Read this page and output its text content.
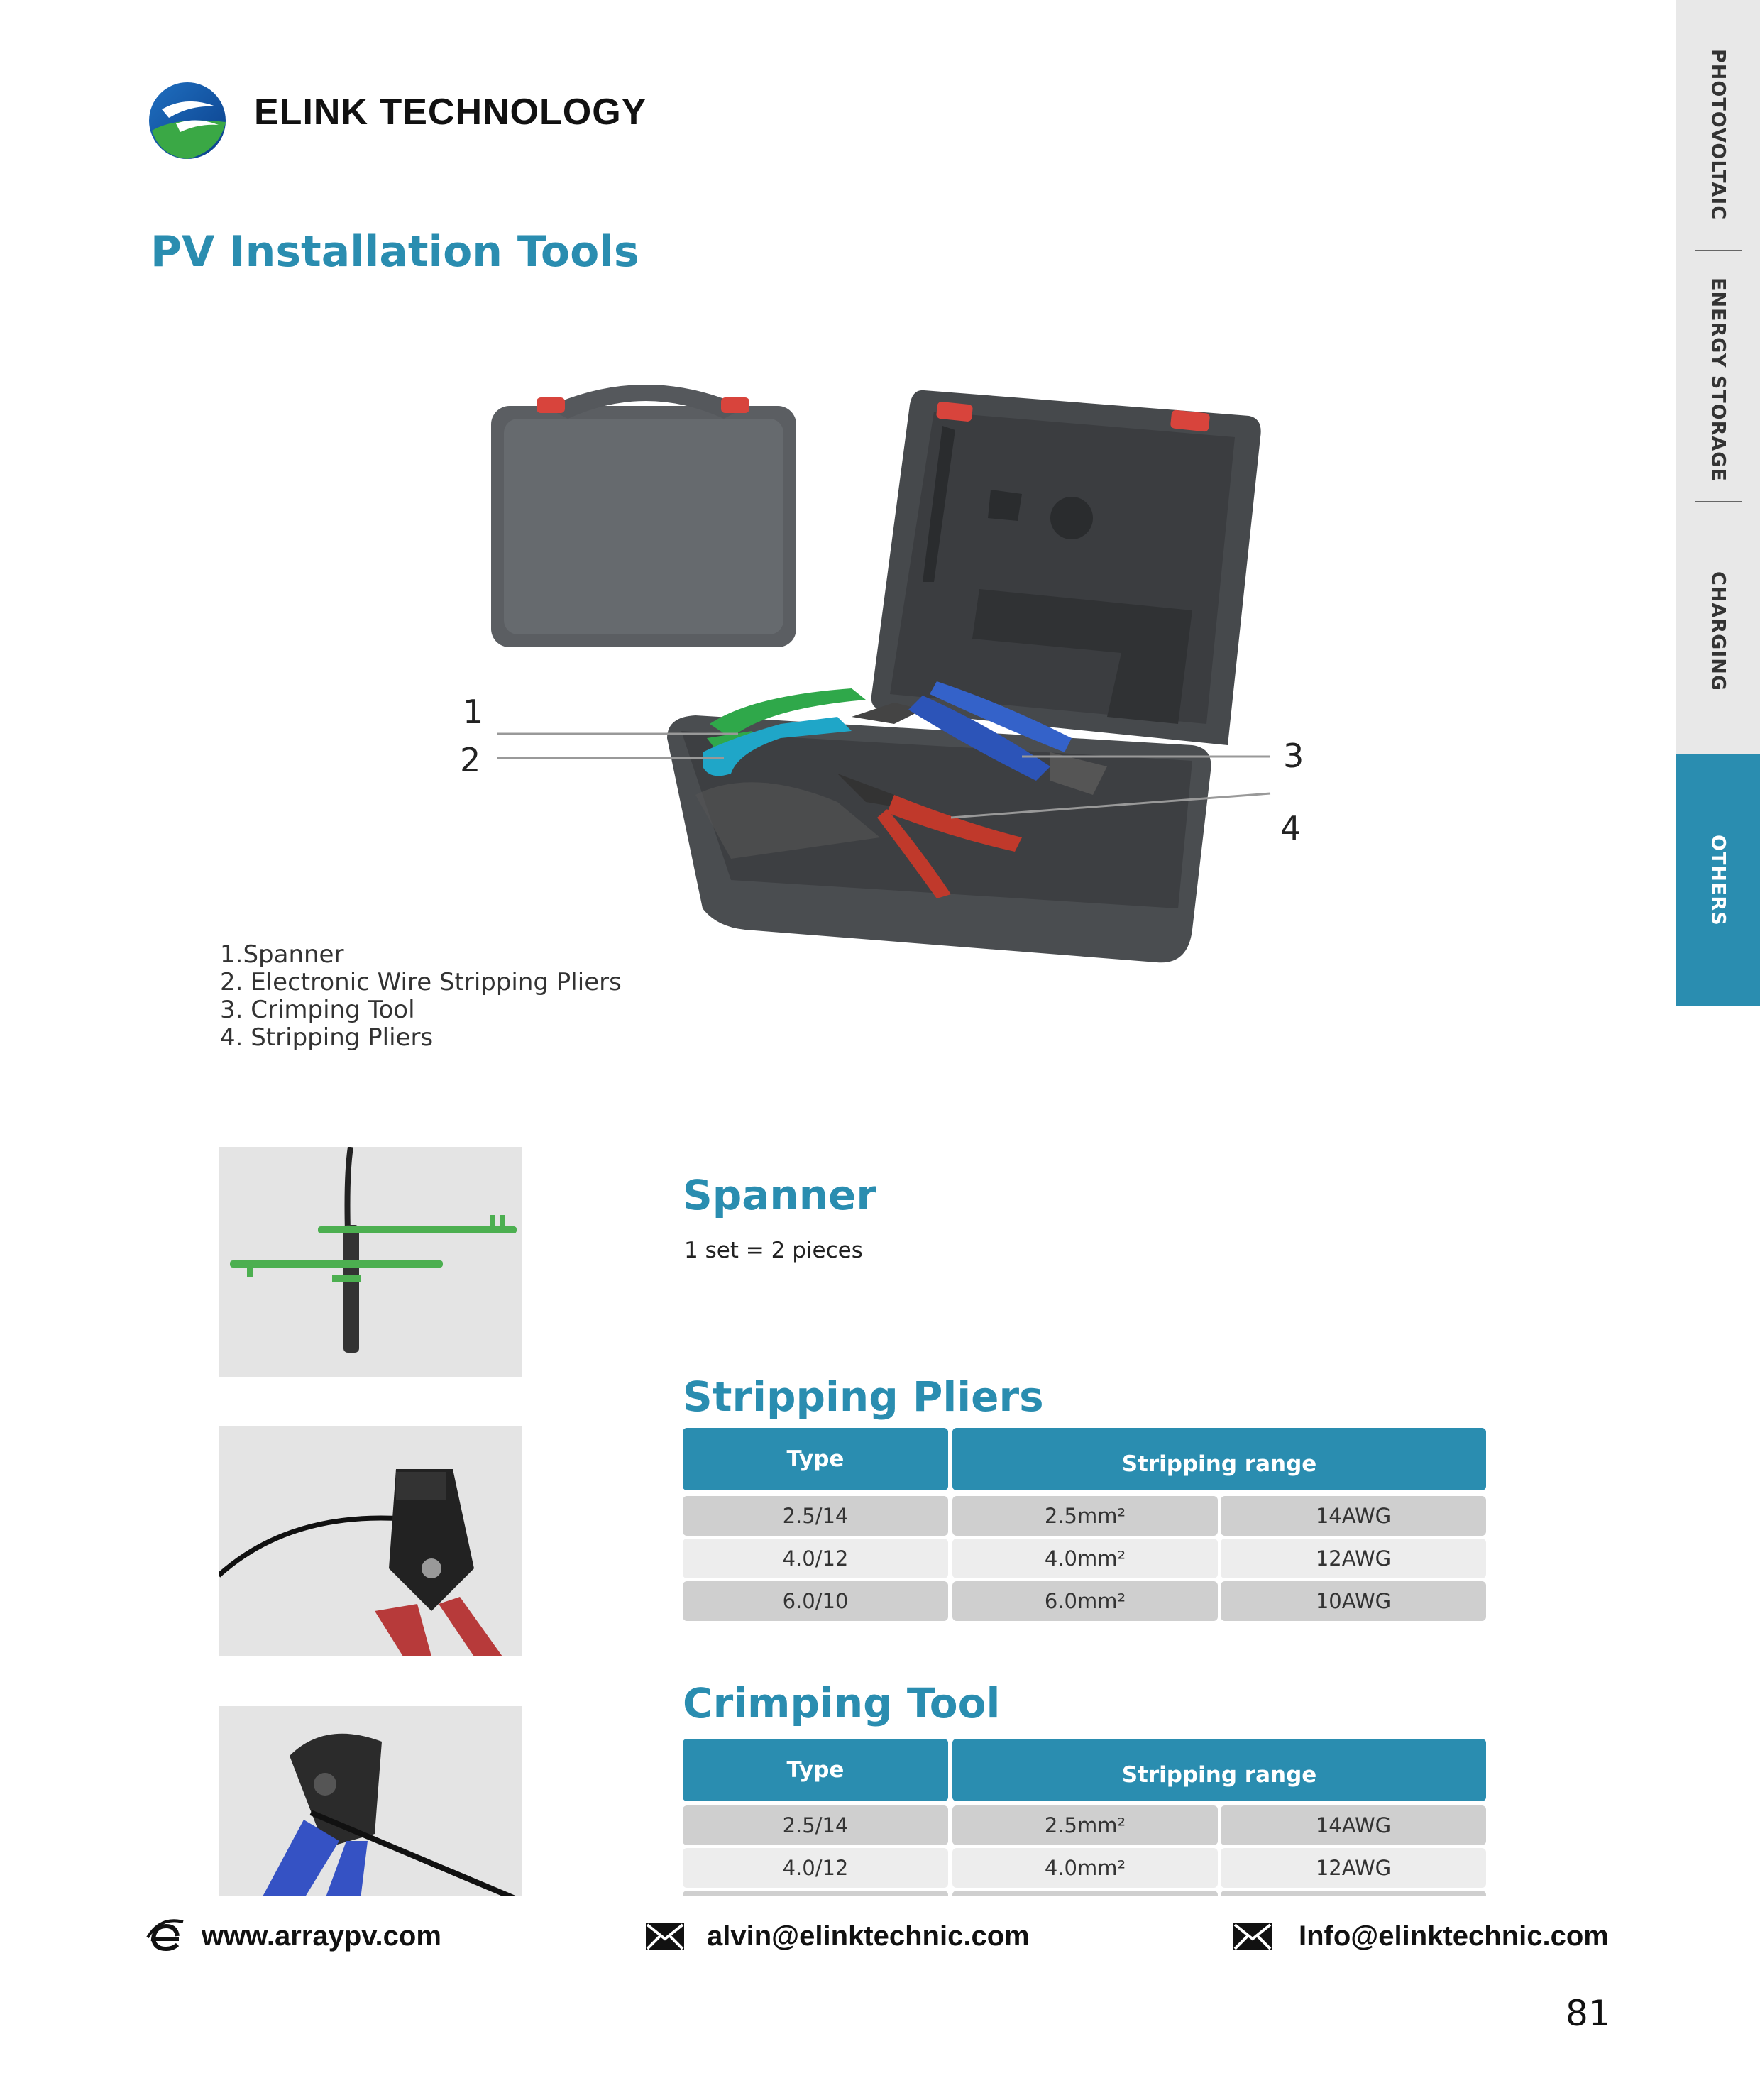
ELINK TECHNOLOGY
PV Installation Tools
PHOTOVOLTAIC
ENERGY STORAGE
CHARGING
OTHERS
1
2	3
4
1.Spanner
2. Electronic Wire Stripping Pliers
3. Crimping Tool
4. Stripping Pliers
Spanner
1 set = 2 pieces
Stripping Pliers
Type	Stripping range
2.5/14	2.5mm²	14AWG
4.0/12	4.0mm²	12AWG
6.0/10	6.0mm²	10AWG
Crimping Tool
Type	Stripping range
2.5/14	2.5mm²	14AWG
4.0/12	4.0mm²	12AWG
www.arraypv.com	alvin@elinktechnic.com	Info@elinktechnic.com
81
